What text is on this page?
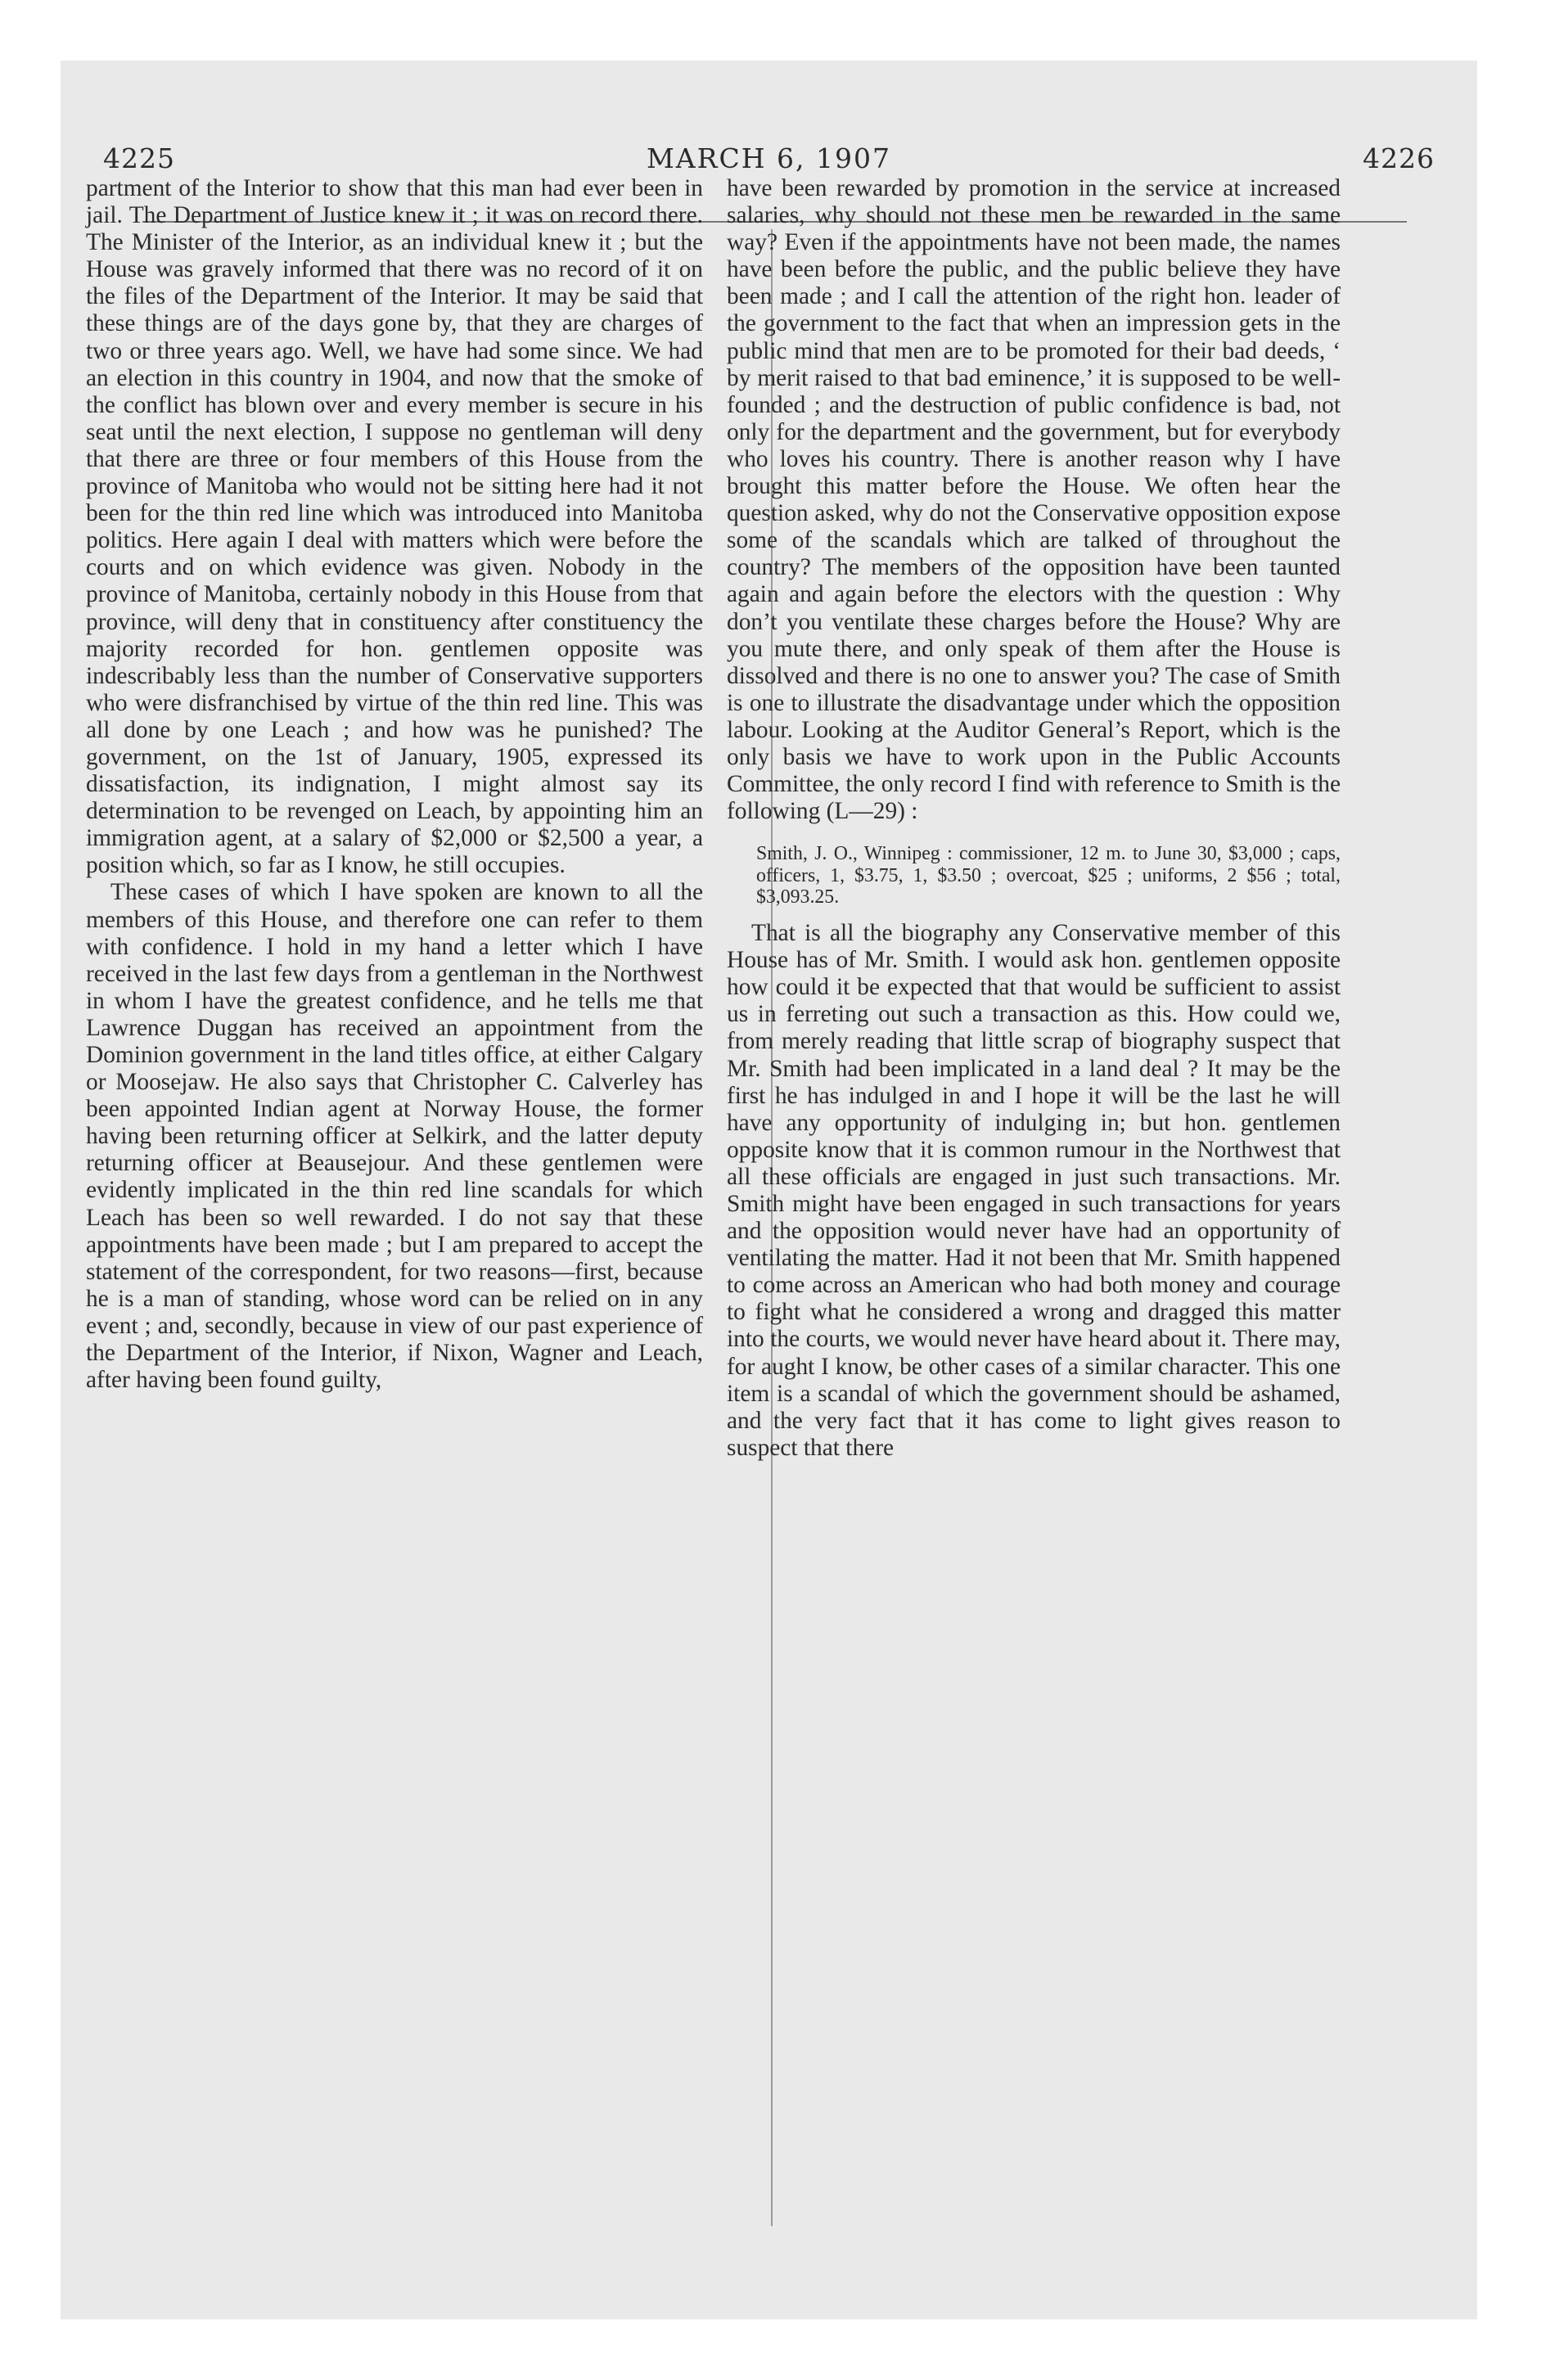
4225	MARCH 6, 1907	4226

partment of the Interior to show that this man had ever been in jail. The Department of Justice knew it ; it was on record there. The Minister of the Interior, as an individual knew it ; but the House was gravely informed that there was no record of it on the files of the Department of the Interior. It may be said that these things are of the days gone by, that they are charges of two or three years ago. Well, we have had some since. We had an election in this country in 1904, and now that the smoke of the conflict has blown over and every member is secure in his seat until the next election, I suppose no gentleman will deny that there are three or four members of this House from the province of Manitoba who would not be sitting here had it not been for the thin red line which was introduced into Manitoba politics. Here again I deal with matters which were before the courts and on which evidence was given. Nobody in the province of Manitoba, certainly nobody in this House from that province, will deny that in constituency after constituency the majority recorded for hon. gentlemen opposite was indescribably less than the number of Conservative supporters who were disfranchised by virtue of the thin red line. This was all done by one Leach ; and how was he punished? The government, on the 1st of January, 1905, expressed its dissatisfaction, its indignation, I might almost say its determination to be revenged on Leach, by appointing him an immigration agent, at a salary of $2,000 or $2,500 a year, a position which, so far as I know, he still occupies.

These cases of which I have spoken are known to all the members of this House, and therefore one can refer to them with confidence. I hold in my hand a letter which I have received in the last few days from a gentleman in the Northwest in whom I have the greatest confidence, and he tells me that Lawrence Duggan has received an appointment from the Dominion government in the land titles office, at either Calgary or Moosejaw. He also says that Christopher C. Calverley has been appointed Indian agent at Norway House, the former having been returning officer at Selkirk, and the latter deputy returning officer at Beausejour. And these gentlemen were evidently implicated in the thin red line scandals for which Leach has been so well rewarded. I do not say that these appointments have been made ; but I am prepared to accept the statement of the correspondent, for two reasons—first, because he is a man of standing, whose word can be relied on in any event ; and, secondly, because in view of our past experience of the Department of the Interior, if Nixon, Wagner and Leach, after having been found guilty,

have been rewarded by promotion in the service at increased salaries, why should not these men be rewarded in the same way? Even if the appointments have not been made, the names have been before the public, and the public believe they have been made ; and I call the attention of the right hon. leader of the government to the fact that when an impression gets in the public mind that men are to be promoted for their bad deeds, ‘ by merit raised to that bad eminence,’ it is supposed to be well-founded ; and the destruction of public confidence is bad, not only for the department and the government, but for everybody who loves his country. There is another reason why I have brought this matter before the House. We often hear the question asked, why do not the Conservative opposition expose some of the scandals which are talked of throughout the country? The members of the opposition have been taunted again and again before the electors with the question : Why don’t you ventilate these charges before the House? Why are you mute there, and only speak of them after the House is dissolved and there is no one to answer you? The case of Smith is one to illustrate the disadvantage under which the opposition labour. Looking at the Auditor General’s Report, which is the only basis we have to work upon in the Public Accounts Committee, the only record I find with reference to Smith is the following (L—29) :

Smith, J. O., Winnipeg : commissioner, 12 m. to June 30, $3,000 ; caps, officers, 1, $3.75, 1, $3.50 ; overcoat, $25 ; uniforms, 2 $56 ; total, $3,093.25.

That is all the biography any Conservative member of this House has of Mr. Smith. I would ask hon. gentlemen opposite how could it be expected that that would be sufficient to assist us in ferreting out such a transaction as this. How could we, from merely reading that little scrap of biography suspect that Mr. Smith had been implicated in a land deal ? It may be the first he has indulged in and I hope it will be the last he will have any opportunity of indulging in; but hon. gentlemen opposite know that it is common rumour in the Northwest that all these officials are engaged in just such transactions. Mr. Smith might have been engaged in such transactions for years and the opposition would never have had an opportunity of ventilating the matter. Had it not been that Mr. Smith happened to come across an American who had both money and courage to fight what he considered a wrong and dragged this matter into the courts, we would never have heard about it. There may, for aught I know, be other cases of a similar character. This one item is a scandal of which the government should be ashamed, and the very fact that it has come to light gives reason to suspect that there
